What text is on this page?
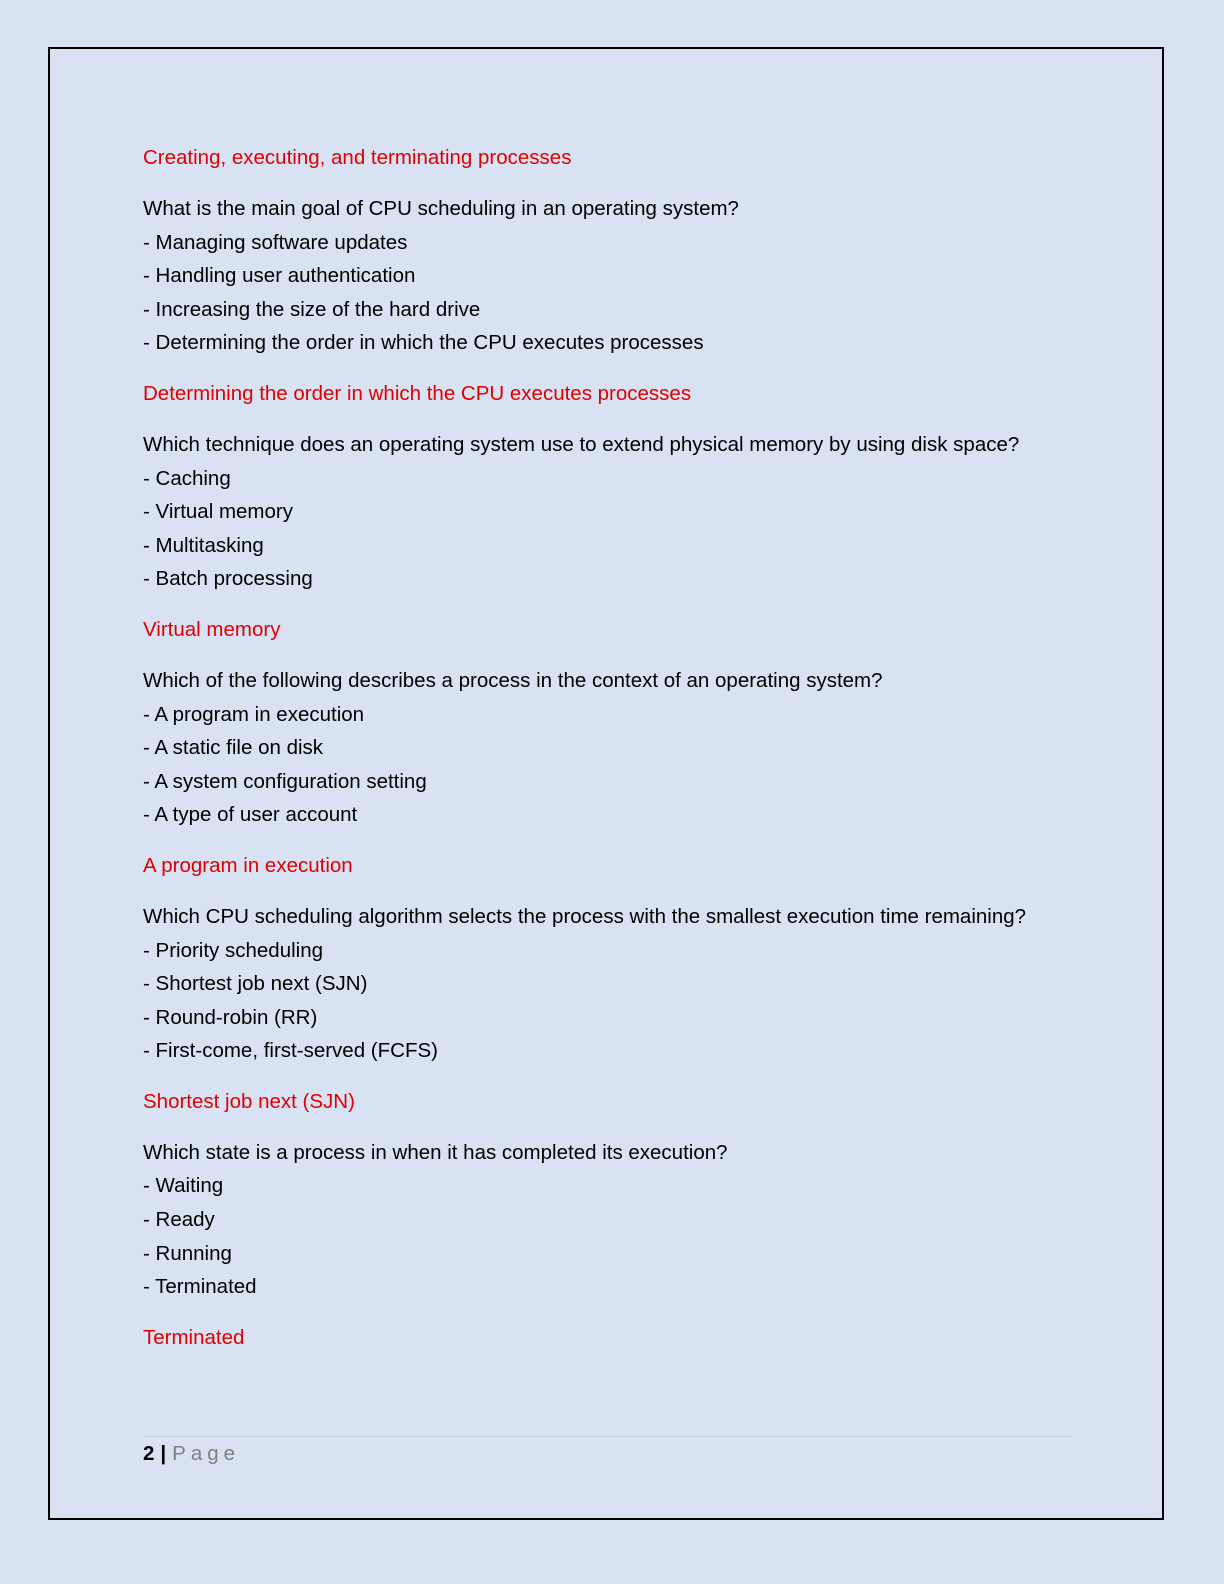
Creating, executing, and terminating processes
What is the main goal of CPU scheduling in an operating system?
- Managing software updates
- Handling user authentication
- Increasing the size of the hard drive
- Determining the order in which the CPU executes processes
Determining the order in which the CPU executes processes
Which technique does an operating system use to extend physical memory by using disk space?
- Caching
- Virtual memory
- Multitasking
- Batch processing
Virtual memory
Which of the following describes a process in the context of an operating system?
- A program in execution
- A static file on disk
- A system configuration setting
- A type of user account
A program in execution
Which CPU scheduling algorithm selects the process with the smallest execution time remaining?
- Priority scheduling
- Shortest job next (SJN)
- Round-robin (RR)
- First-come, first-served (FCFS)
Shortest job next (SJN)
Which state is a process in when it has completed its execution?
- Waiting
- Ready
- Running
- Terminated
Terminated
2 | Page
